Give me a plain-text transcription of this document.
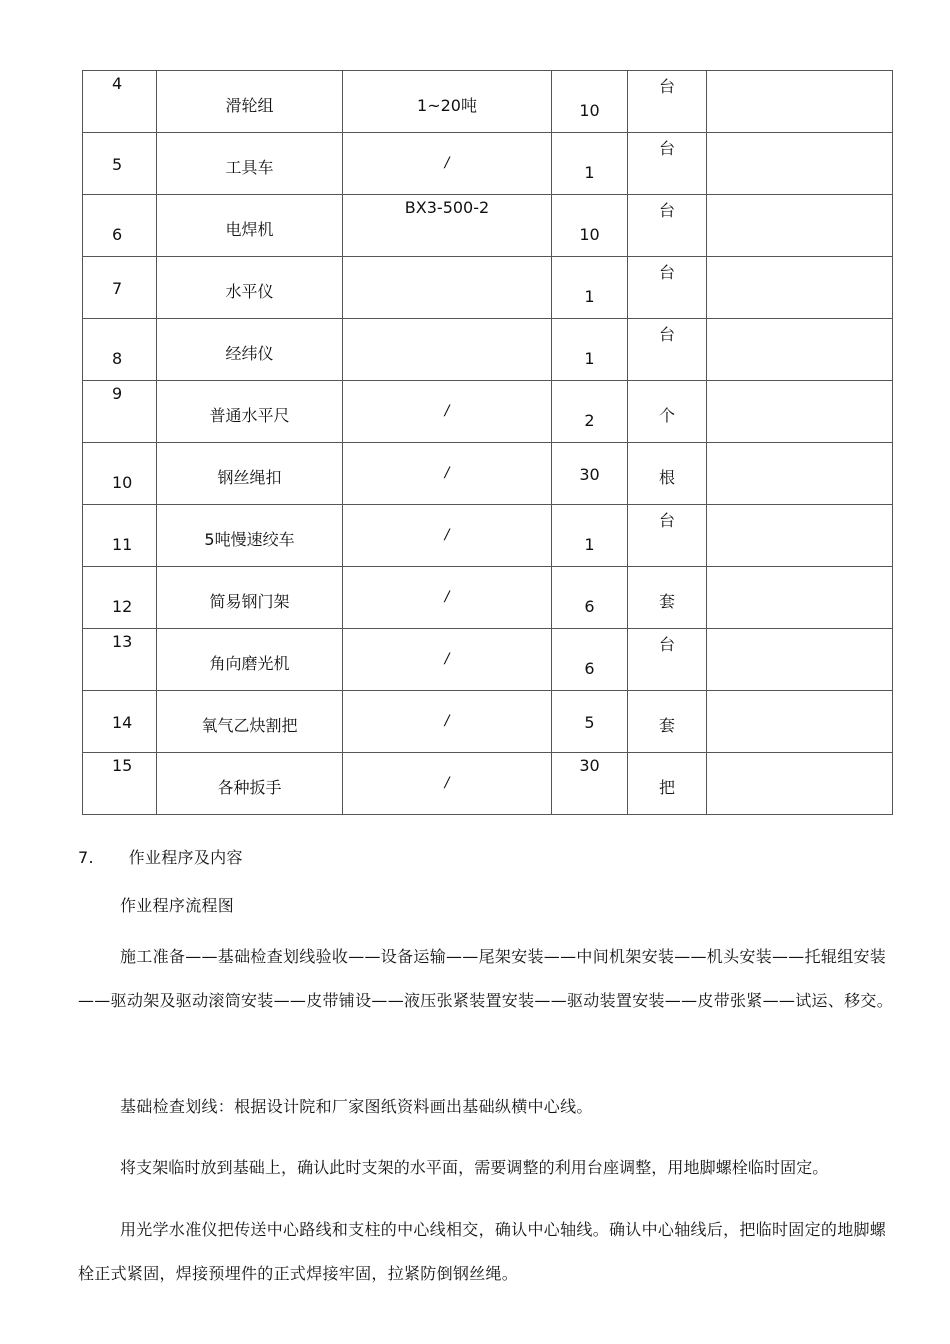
4	滑轮组	1~20吨	10	台	

5	工具车	/	1	台	

6	电焊机	BX3-500-2	10	台	

7	水平仪		1	台	

8	经纬仪		1	台	

9	普通水平尺	/	2	个	

10	钢丝绳扣	/	30	根	

11	5吨慢速绞车	/	1	台	

12	简易钢门架	/	6	套	

13	角向磨光机	/	6	台	

14	氧气乙炔割把	/	5	套	

15	各种扳手	/	30	把	

7. 作业程序及内容
作业程序流程图

施工准备——基础检查划线验收——设备运输——尾架安装——中间机架安装——机头安装——托辊组安装——驱动架及驱动滚筒安装——皮带铺设——液压张紧装置安装——驱动装置安装——皮带张紧——试运、移交。

基础检查划线：根据设计院和厂家图纸资料画出基础纵横中心线。

将支架临时放到基础上，确认此时支架的水平面，需要调整的利用台座调整，用地脚螺栓临时固定。

用光学水准仪把传送中心路线和支柱的中心线相交，确认中心轴线。确认中心轴线后，把临时固定的地脚螺栓正式紧固，焊接预埋件的正式焊接牢固，拉紧防倒钢丝绳。
